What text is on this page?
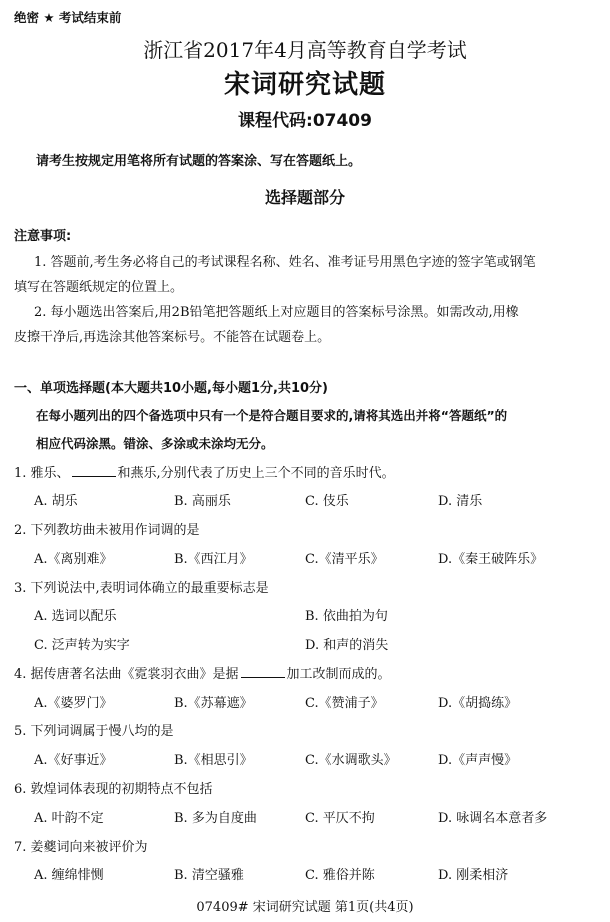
绝密 ★ 考试结束前
浙江省2017年4月高等教育自学考试
宋词研究试题
课程代码:07409
请考生按规定用笔将所有试题的答案涂、写在答题纸上。
选择题部分
注意事项:
1. 答题前,考生务必将自己的考试课程名称、姓名、准考证号用黑色字迹的签字笔或钢笔
填写在答题纸规定的位置上。
2. 每小题选出答案后,用2B铅笔把答题纸上对应题目的答案标号涂黑。如需改动,用橡
皮擦干净后,再选涂其他答案标号。不能答在试题卷上。
一、单项选择题(本大题共10小题,每小题1分,共10分)
在每小题列出的四个备选项中只有一个是符合题目要求的,请将其选出并将“答题纸”的
相应代码涂黑。错涂、多涂或未涂均无分。
1. 雅乐、	和燕乐,分别代表了历史上三个不同的音乐时代。
A. 胡乐	B. 高丽乐	C. 伎乐	D. 清乐
2. 下列教坊曲未被用作词调的是
A.《离别难》	B.《西江月》	C.《清平乐》	D.《秦王破阵乐》
3. 下列说法中,表明词体确立的最重要标志是
A. 选词以配乐	B. 依曲拍为句
C. 泛声转为实字	D. 和声的消失
4. 据传唐著名法曲《霓裳羽衣曲》是据	加工改制而成的。
A.《婆罗门》	B.《苏幕遮》	C.《赞浦子》	D.《胡捣练》
5. 下列词调属于慢八均的是
A.《好事近》	B.《相思引》	C.《水调歌头》	D.《声声慢》
6. 敦煌词体表现的初期特点不包括
A. 叶韵不定	B. 多为自度曲	C. 平仄不拘	D. 咏调名本意者多
7. 姜夔词向来被评价为
A. 缠绵悱恻	B. 清空骚雅	C. 雅俗并陈	D. 刚柔相济
07409# 宋词研究试题 第1页(共4页)
